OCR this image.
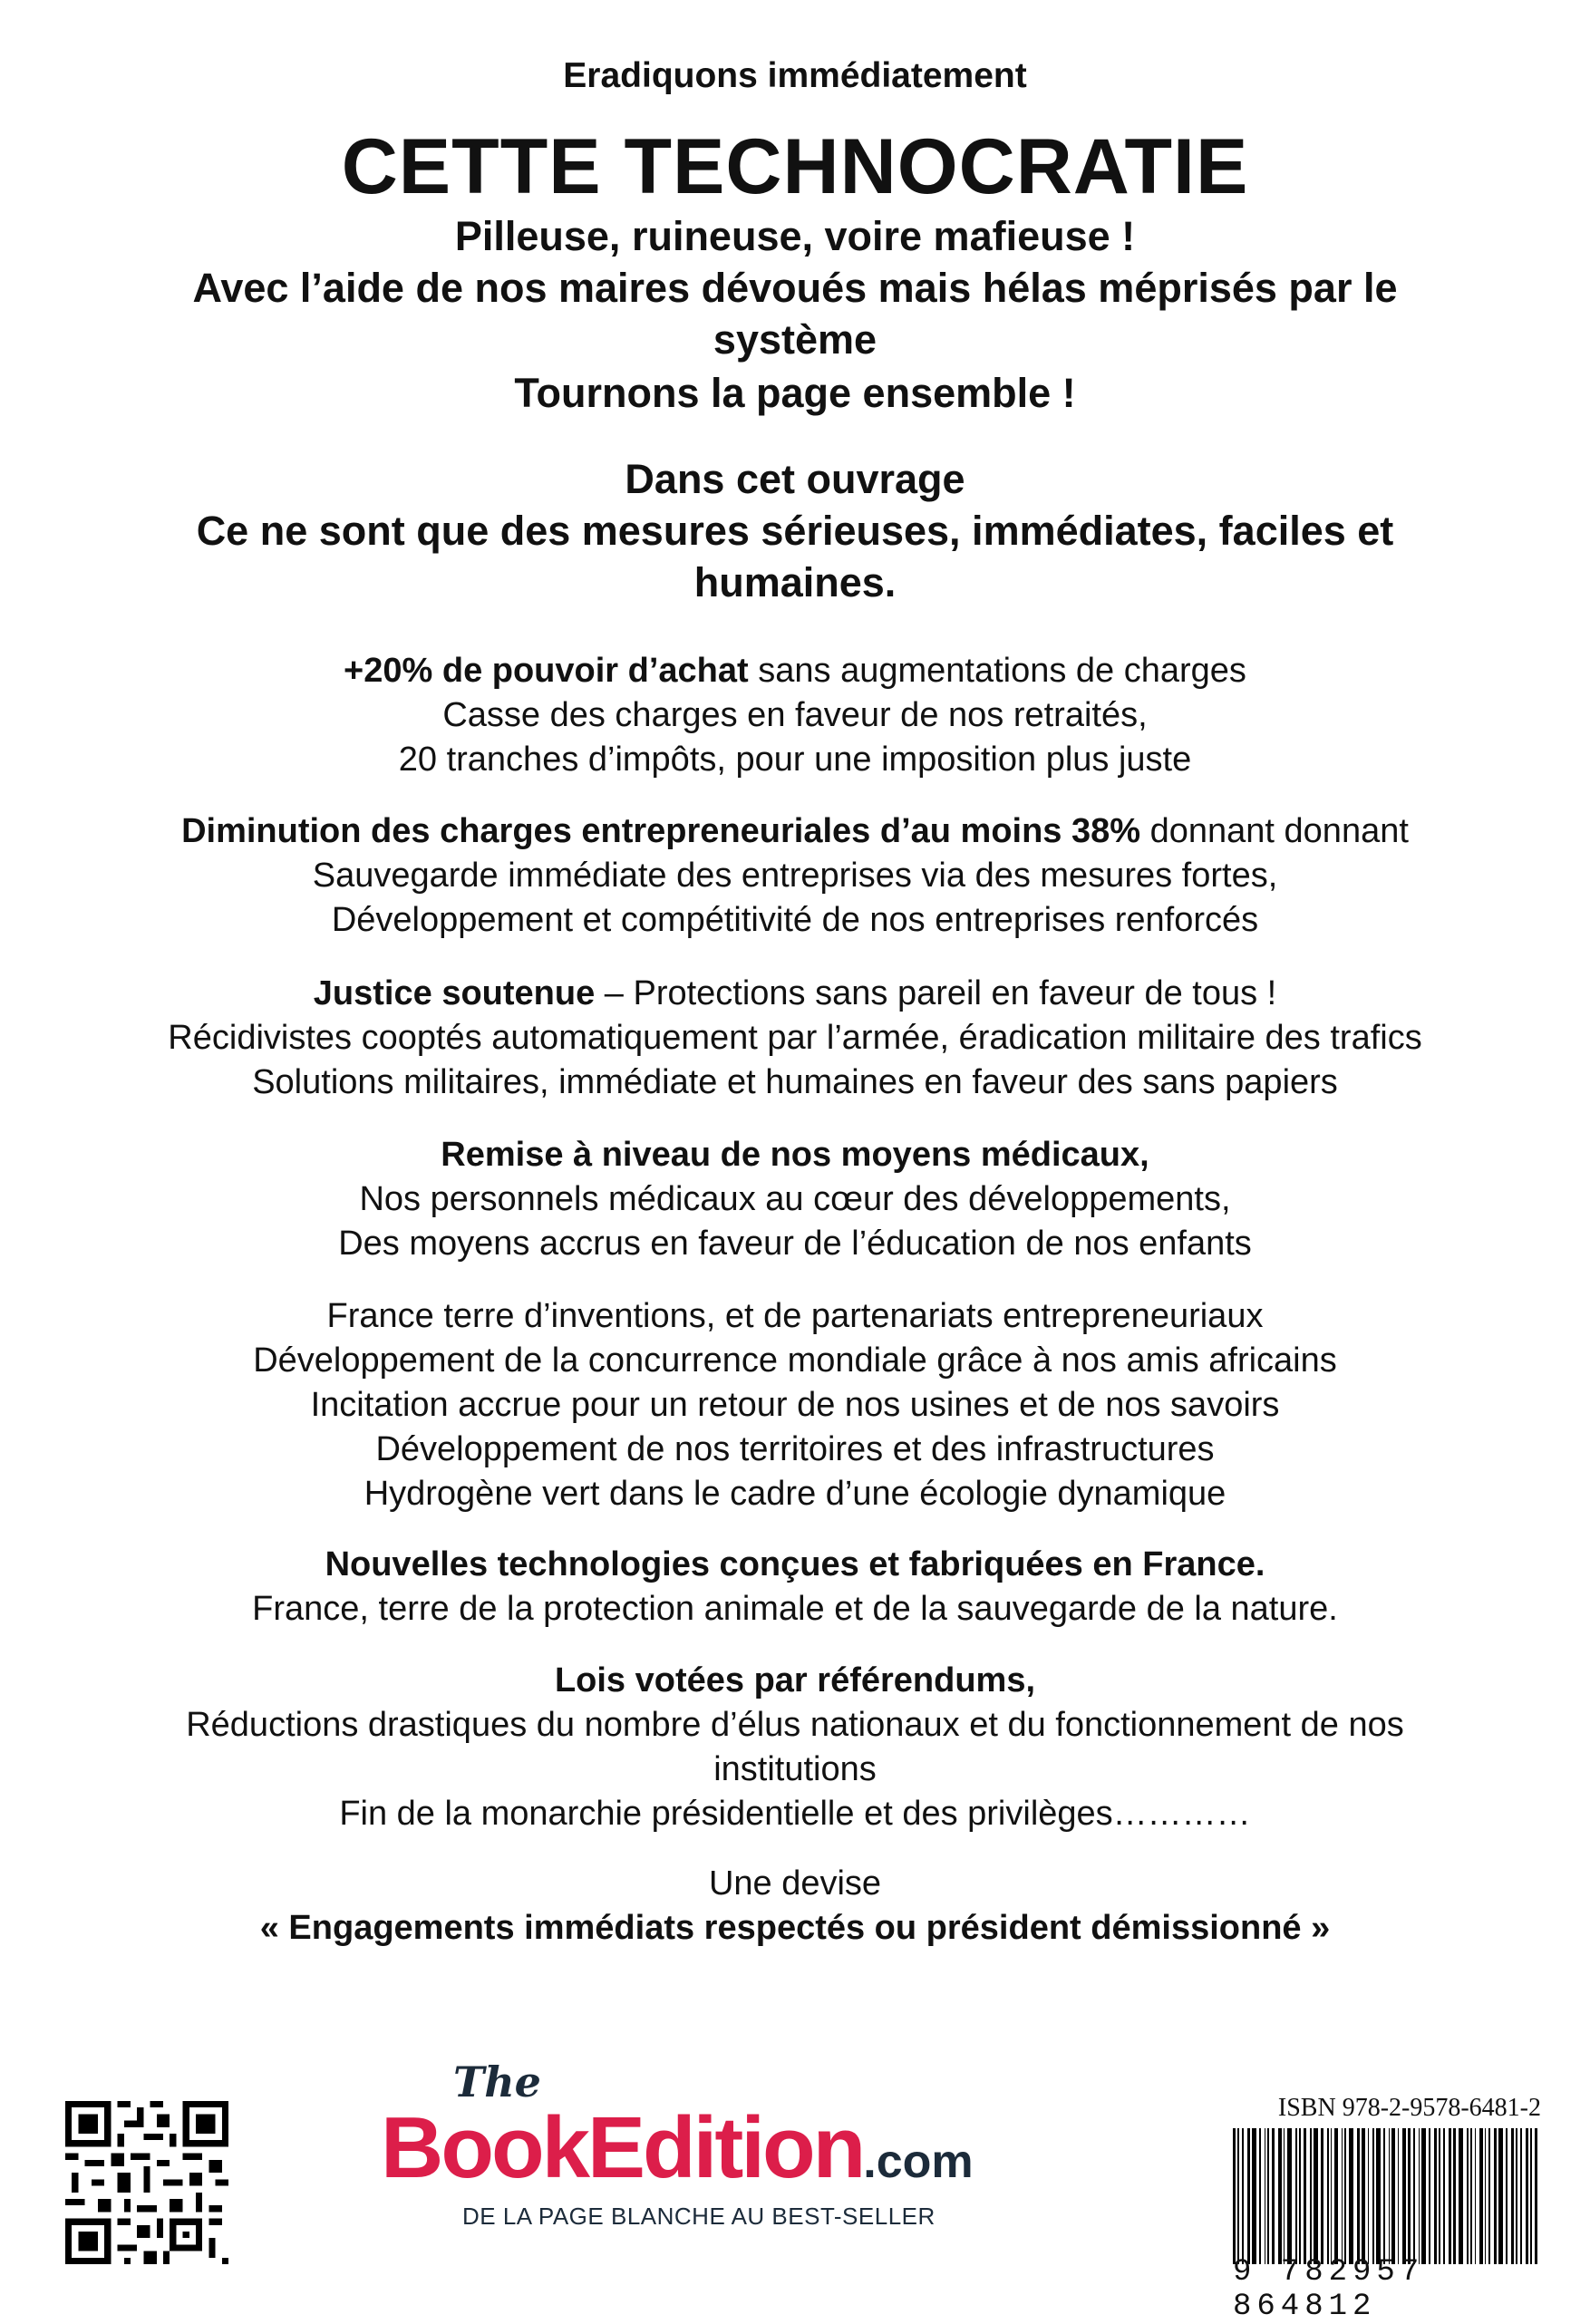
Eradiquons immédiatement
CETTE TECHNOCRATIE
Pilleuse, ruineuse, voire mafieuse !
Avec l’aide de nos maires dévoués mais hélas méprisés par le
système
Tournons la page ensemble !
Dans cet ouvrage
Ce ne sont que des mesures sérieuses, immédiates, faciles et
humaines.
+20% de pouvoir d’achat sans augmentations de charges
Casse des charges en faveur de nos retraités,
20 tranches d’impôts, pour une imposition plus juste
Diminution des charges entrepreneuriales d’au moins 38% donnant donnant
Sauvegarde immédiate des entreprises via des mesures fortes,
Développement et compétitivité de nos entreprises renforcés
Justice soutenue – Protections sans pareil en faveur de tous !
Récidivistes cooptés automatiquement par l’armée, éradication militaire des trafics
Solutions militaires, immédiate et humaines en faveur des sans papiers
Remise à niveau de nos moyens médicaux,
Nos personnels médicaux au cœur des développements,
Des moyens accrus en faveur de l’éducation de nos enfants
France terre d’inventions, et de partenariats entrepreneuriaux
Développement de la concurrence mondiale grâce à nos amis africains
Incitation accrue pour un retour de nos usines et de nos savoirs
Développement de nos territoires et des infrastructures
Hydrogène vert dans le cadre d’une écologie dynamique
Nouvelles technologies conçues et fabriquées en France.
France, terre de la protection animale et de la sauvegarde de la nature.
Lois votées par référendums,
Réductions drastiques du nombre d’élus nationaux et du fonctionnement de nos
institutions
Fin de la monarchie présidentielle et des privilèges…………
Une devise
« Engagements immédiats respectés ou président démissionné »
The
BookEdition.com
DE LA PAGE BLANCHE AU BEST-SELLER
ISBN 978-2-9578-6481-2
9 782957 864812
